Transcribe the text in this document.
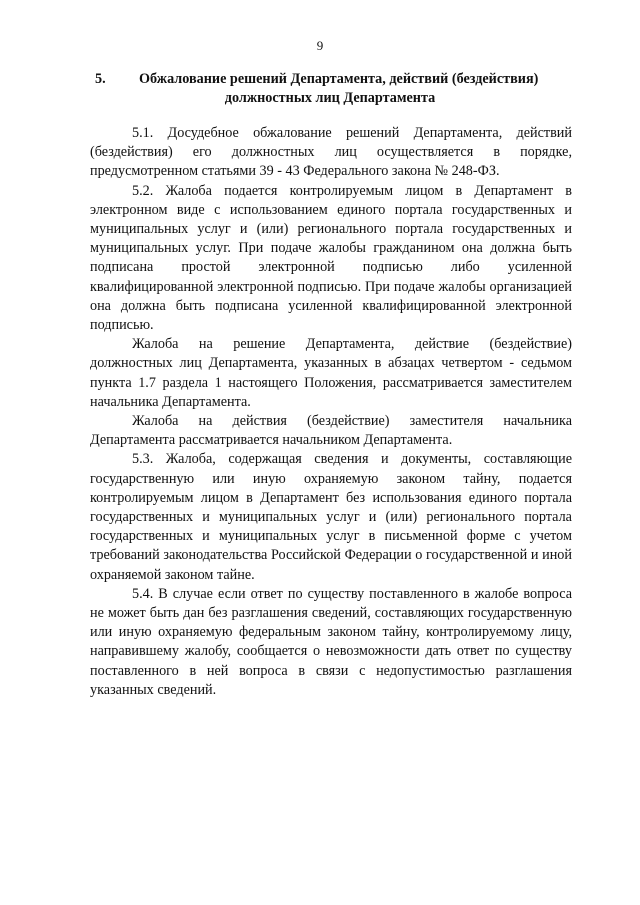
9
5.	Обжалование решений Департамента, действий (бездействия)
должностных лиц Департамента

5.1. Досудебное обжалование решений Департамента, действий (бездействия) его должностных лиц осуществляется в порядке, предусмотренном статьями 39 - 43 Федерального закона № 248-ФЗ.

5.2. Жалоба подается контролируемым лицом в Департамент в электронном виде с использованием единого портала государственных и муниципальных услуг и (или) регионального портала государственных и муниципальных услуг. При подаче жалобы гражданином она должна быть подписана простой электронной подписью либо усиленной квалифицированной электронной подписью. При подаче жалобы организацией она должна быть подписана усиленной квалифицированной электронной подписью.

Жалоба на решение Департамента, действие (бездействие) должностных лиц Департамента, указанных в абзацах четвертом - седьмом пункта 1.7 раздела 1 настоящего Положения, рассматривается заместителем начальника Департамента.

Жалоба на действия (бездействие) заместителя начальника Департамента рассматривается начальником Департамента.

5.3. Жалоба, содержащая сведения и документы, составляющие государственную или иную охраняемую законом тайну, подается контролируемым лицом в Департамент без использования единого портала государственных и муниципальных услуг и (или) регионального портала государственных и муниципальных услуг в письменной форме с учетом требований законодательства Российской Федерации о государственной и иной охраняемой законом тайне.

5.4. В случае если ответ по существу поставленного в жалобе вопроса не может быть дан без разглашения сведений, составляющих государственную или иную охраняемую федеральным законом тайну, контролируемому лицу, направившему жалобу, сообщается о невозможности дать ответ по существу поставленного в ней вопроса в связи с недопустимостью разглашения указанных сведений.
